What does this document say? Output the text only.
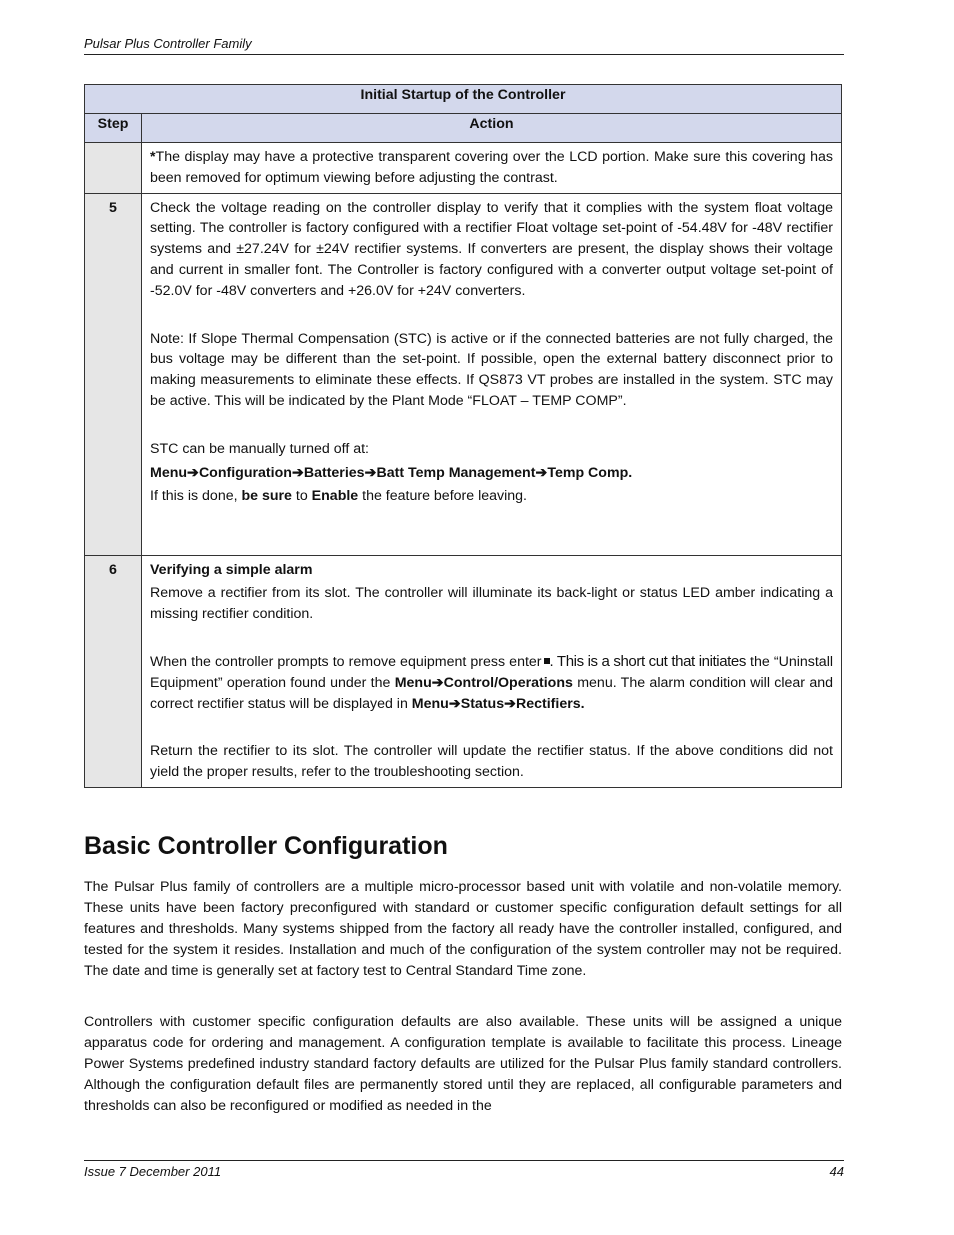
Pulsar Plus Controller Family
Initial Startup of the Controller	
Step	Action

	*The display may have a protective transparent covering over the LCD portion. Make sure this covering has been removed for optimum viewing before adjusting the contrast.

5	Check the voltage reading on the controller display to verify that it complies with the system float voltage setting. The controller is factory configured with a rectifier Float voltage set-point of -54.48V for -48V rectifier systems and ±27.24V for ±24V rectifier systems. If converters are present, the display shows their voltage and current in smaller font. The Controller is factory configured with a converter output voltage set-point of -52.0V for -48V converters and +26.0V for +24V converters.

Note: If Slope Thermal Compensation (STC) is active or if the connected batteries are not fully charged, the bus voltage may be different than the set-point. If possible, open the external battery disconnect prior to making measurements to eliminate these effects. If QS873 VT probes are installed in the system. STC may be active. This will be indicated by the Plant Mode “FLOAT – TEMP COMP”.

STC can be manually turned off at:

Menu➔Configuration➔Batteries➔Batt Temp Management➔Temp Comp.

If this is done, be sure to Enable the feature before leaving.

6	Verifying a simple alarm

Remove a rectifier from its slot. The controller will illuminate its back-light or status LED amber indicating a missing rectifier condition.

When the controller prompts to remove equipment press enter . This is a short cut that initiates the “Uninstall Equipment” operation found under the Menu➔Control/Operations menu. The alarm condition will clear and correct rectifier status will be displayed in Menu➔Status➔Rectifiers.

Return the rectifier to its slot. The controller will update the rectifier status. If the above conditions did not yield the proper results, refer to the troubleshooting section.

Basic Controller Configuration

The Pulsar Plus family of controllers are a multiple micro-processor based unit with volatile and non-volatile memory. These units have been factory preconfigured with standard or customer specific configuration default settings for all features and thresholds. Many systems shipped from the factory all ready have the controller installed, configured, and tested for the system it resides. Installation and much of the configuration of the system controller may not be required. The date and time is generally set at factory test to Central Standard Time zone.

Controllers with customer specific configuration defaults are also available. These units will be assigned a unique apparatus code for ordering and management. A configuration template is available to facilitate this process. Lineage Power Systems predefined industry standard factory defaults are utilized for the Pulsar Plus family standard controllers. Although the configuration default files are permanently stored until they are replaced, all configurable parameters and thresholds can also be reconfigured or modified as needed in the

Issue 7 December 2011	44
